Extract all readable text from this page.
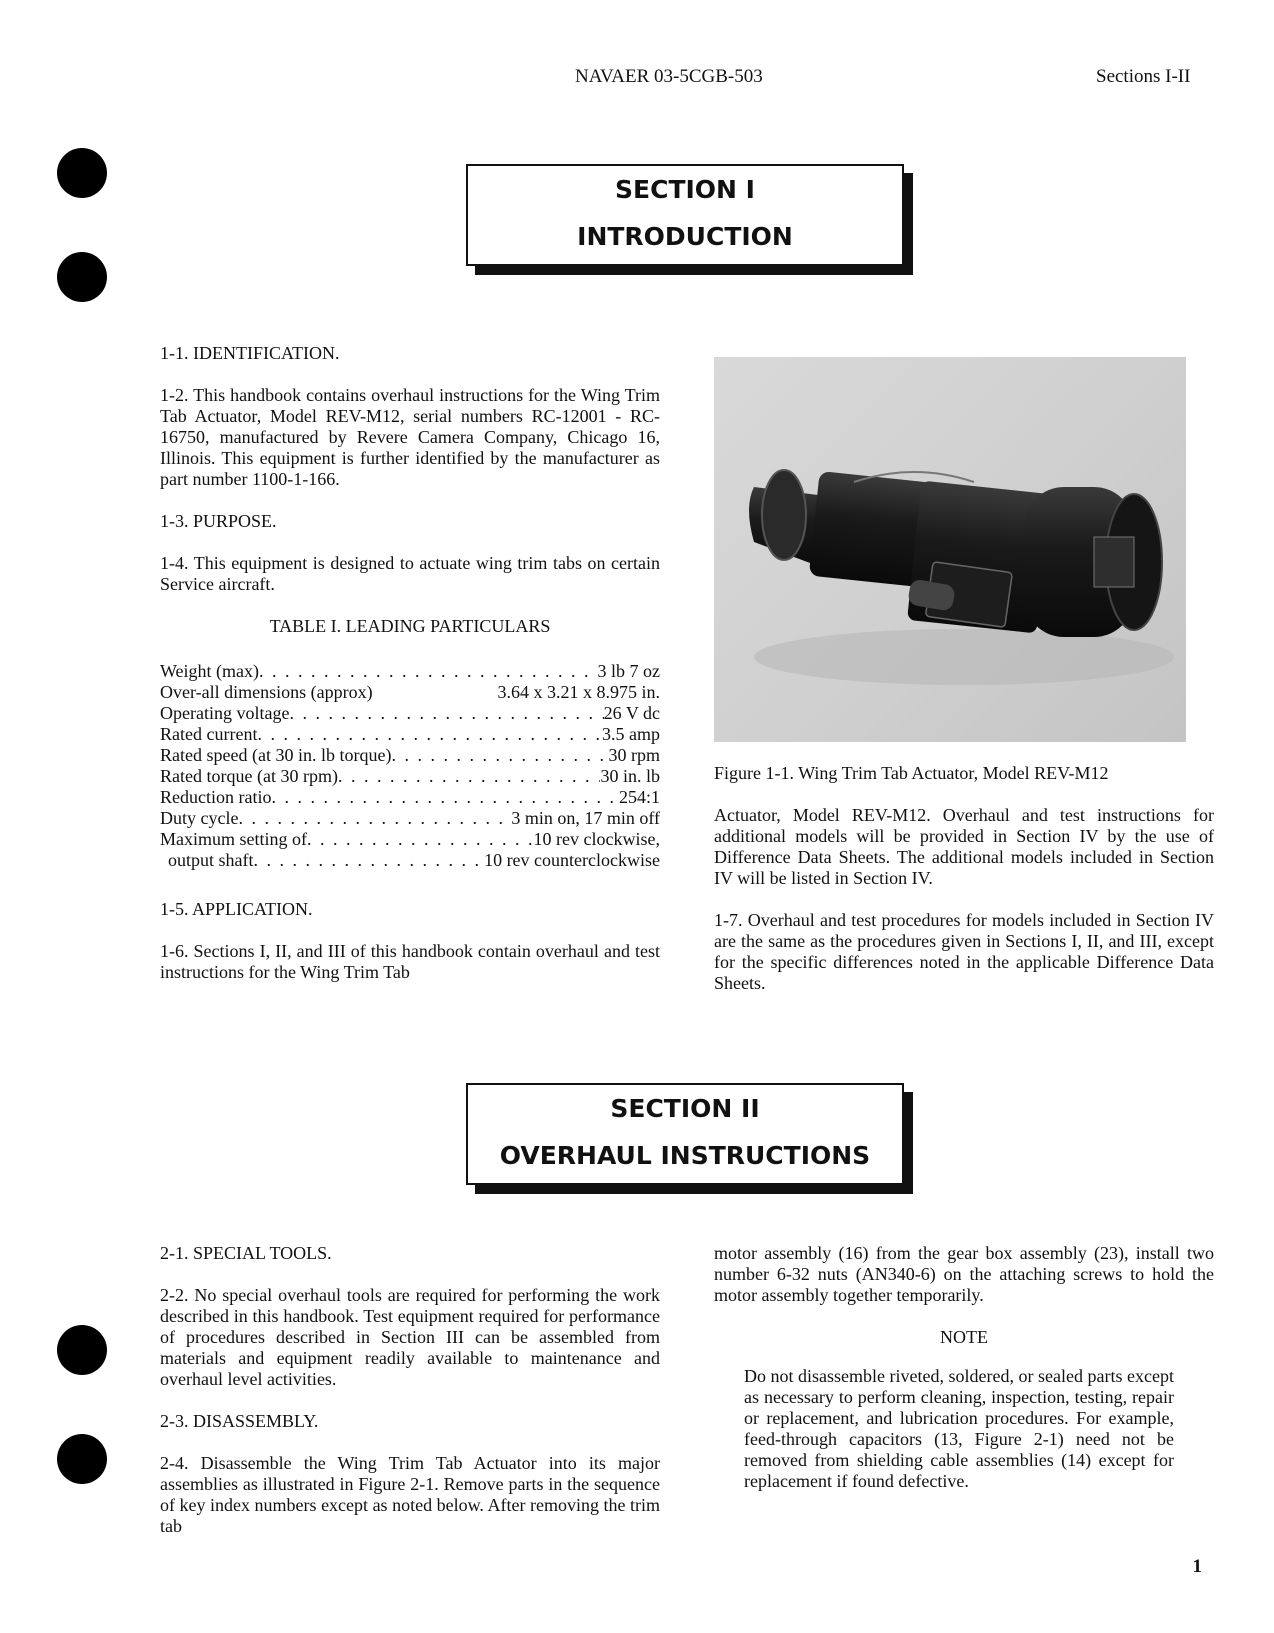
NAVAER 03-5CGB-503	Sections I-II
SECTION I
INTRODUCTION

1-1. IDENTIFICATION.

1-2. This handbook contains overhaul instructions for the Wing Trim Tab Actuator, Model REV-M12, serial numbers RC-12001 - RC-16750, manufactured by Revere Camera Company, Chicago 16, Illinois. This equipment is further identified by the manufacturer as part number 1100-1-166.

1-3. PURPOSE.

1-4. This equipment is designed to actuate wing trim tabs on certain Service aircraft.

TABLE I. LEADING PARTICULARS
Weight (max) . . .	3 lb 7 oz
Over-all dimensions (approx)	3.64 x 3.21 x 8.975 in.
Operating voltage . . .	26 V dc
Rated current . . .	3.5 amp
Rated speed (at 30 in. lb torque) . . .	30 rpm
Rated torque (at 30 rpm) . . .	30 in. lb
Reduction ratio . . .	254:1
Duty cycle . . .	3 min on, 17 min off
Maximum setting of . . .	10 rev clockwise,
output shaft . . .	10 rev counterclockwise

1-5. APPLICATION.

1-6. Sections I, II, and III of this handbook contain overhaul and test instructions for the Wing Trim Tab

Figure 1-1. Wing Trim Tab Actuator, Model REV-M12

Actuator, Model REV-M12. Overhaul and test instructions for additional models will be provided in Section IV by the use of Difference Data Sheets. The additional models included in Section IV will be listed in Section IV.

1-7. Overhaul and test procedures for models included in Section IV are the same as the procedures given in Sections I, II, and III, except for the specific differences noted in the applicable Difference Data Sheets.

SECTION II
OVERHAUL INSTRUCTIONS

2-1. SPECIAL TOOLS.

2-2. No special overhaul tools are required for performing the work described in this handbook. Test equipment required for performance of procedures described in Section III can be assembled from materials and equipment readily available to maintenance and overhaul level activities.

2-3. DISASSEMBLY.

2-4. Disassemble the Wing Trim Tab Actuator into its major assemblies as illustrated in Figure 2-1. Remove parts in the sequence of key index numbers except as noted below. After removing the trim tab

motor assembly (16) from the gear box assembly (23), install two number 6-32 nuts (AN340-6) on the attaching screws to hold the motor assembly together temporarily.

NOTE
Do not disassemble riveted, soldered, or sealed parts except as necessary to perform cleaning, inspection, testing, repair or replacement, and lubrication procedures. For example, feed-through capacitors (13, Figure 2-1) need not be removed from shielding cable assemblies (14) except for replacement if found defective.
1
